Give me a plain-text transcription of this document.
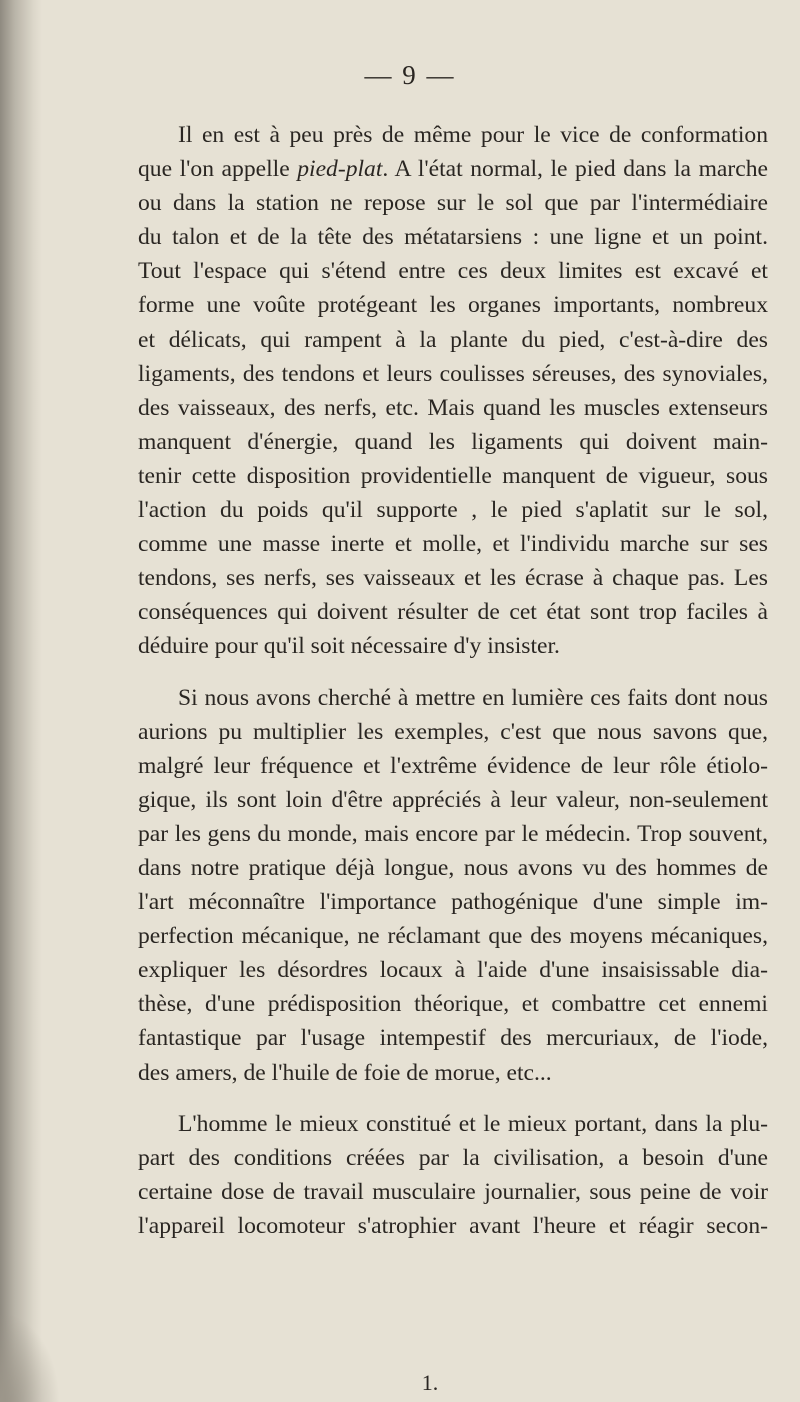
— 9 —

Il en est à peu près de même pour le vice de conformation
que l'on appelle pied-plat. A l'état normal, le pied dans la marche
ou dans la station ne repose sur le sol que par l'intermédiaire
du talon et de la tête des métatarsiens : une ligne et un point.
Tout l'espace qui s'étend entre ces deux limites est excavé et
forme une voûte protégeant les organes importants, nombreux
et délicats, qui rampent à la plante du pied, c'est-à-dire des
ligaments, des tendons et leurs coulisses séreuses, des synoviales,
des vaisseaux, des nerfs, etc. Mais quand les muscles extenseurs
manquent d'énergie, quand les ligaments qui doivent main-
tenir cette disposition providentielle manquent de vigueur, sous
l'action du poids qu'il supporte , le pied s'aplatit sur le sol,
comme une masse inerte et molle, et l'individu marche sur ses
tendons, ses nerfs, ses vaisseaux et les écrase à chaque pas. Les
conséquences qui doivent résulter de cet état sont trop faciles à
déduire pour qu'il soit nécessaire d'y insister.

Si nous avons cherché à mettre en lumière ces faits dont nous
aurions pu multiplier les exemples, c'est que nous savons que,
malgré leur fréquence et l'extrême évidence de leur rôle étiolo-
gique, ils sont loin d'être appréciés à leur valeur, non-seulement
par les gens du monde, mais encore par le médecin. Trop souvent,
dans notre pratique déjà longue, nous avons vu des hommes de
l'art méconnaître l'importance pathogénique d'une simple im-
perfection mécanique, ne réclamant que des moyens mécaniques,
expliquer les désordres locaux à l'aide d'une insaisissable dia-
thèse, d'une prédisposition théorique, et combattre cet ennemi
fantastique par l'usage intempestif des mercuriaux, de l'iode,
des amers, de l'huile de foie de morue, etc...

L'homme le mieux constitué et le mieux portant, dans la plu-
part des conditions créées par la civilisation, a besoin d'une
certaine dose de travail musculaire journalier, sous peine de voir
l'appareil locomoteur s'atrophier avant l'heure et réagir secon-

1.
